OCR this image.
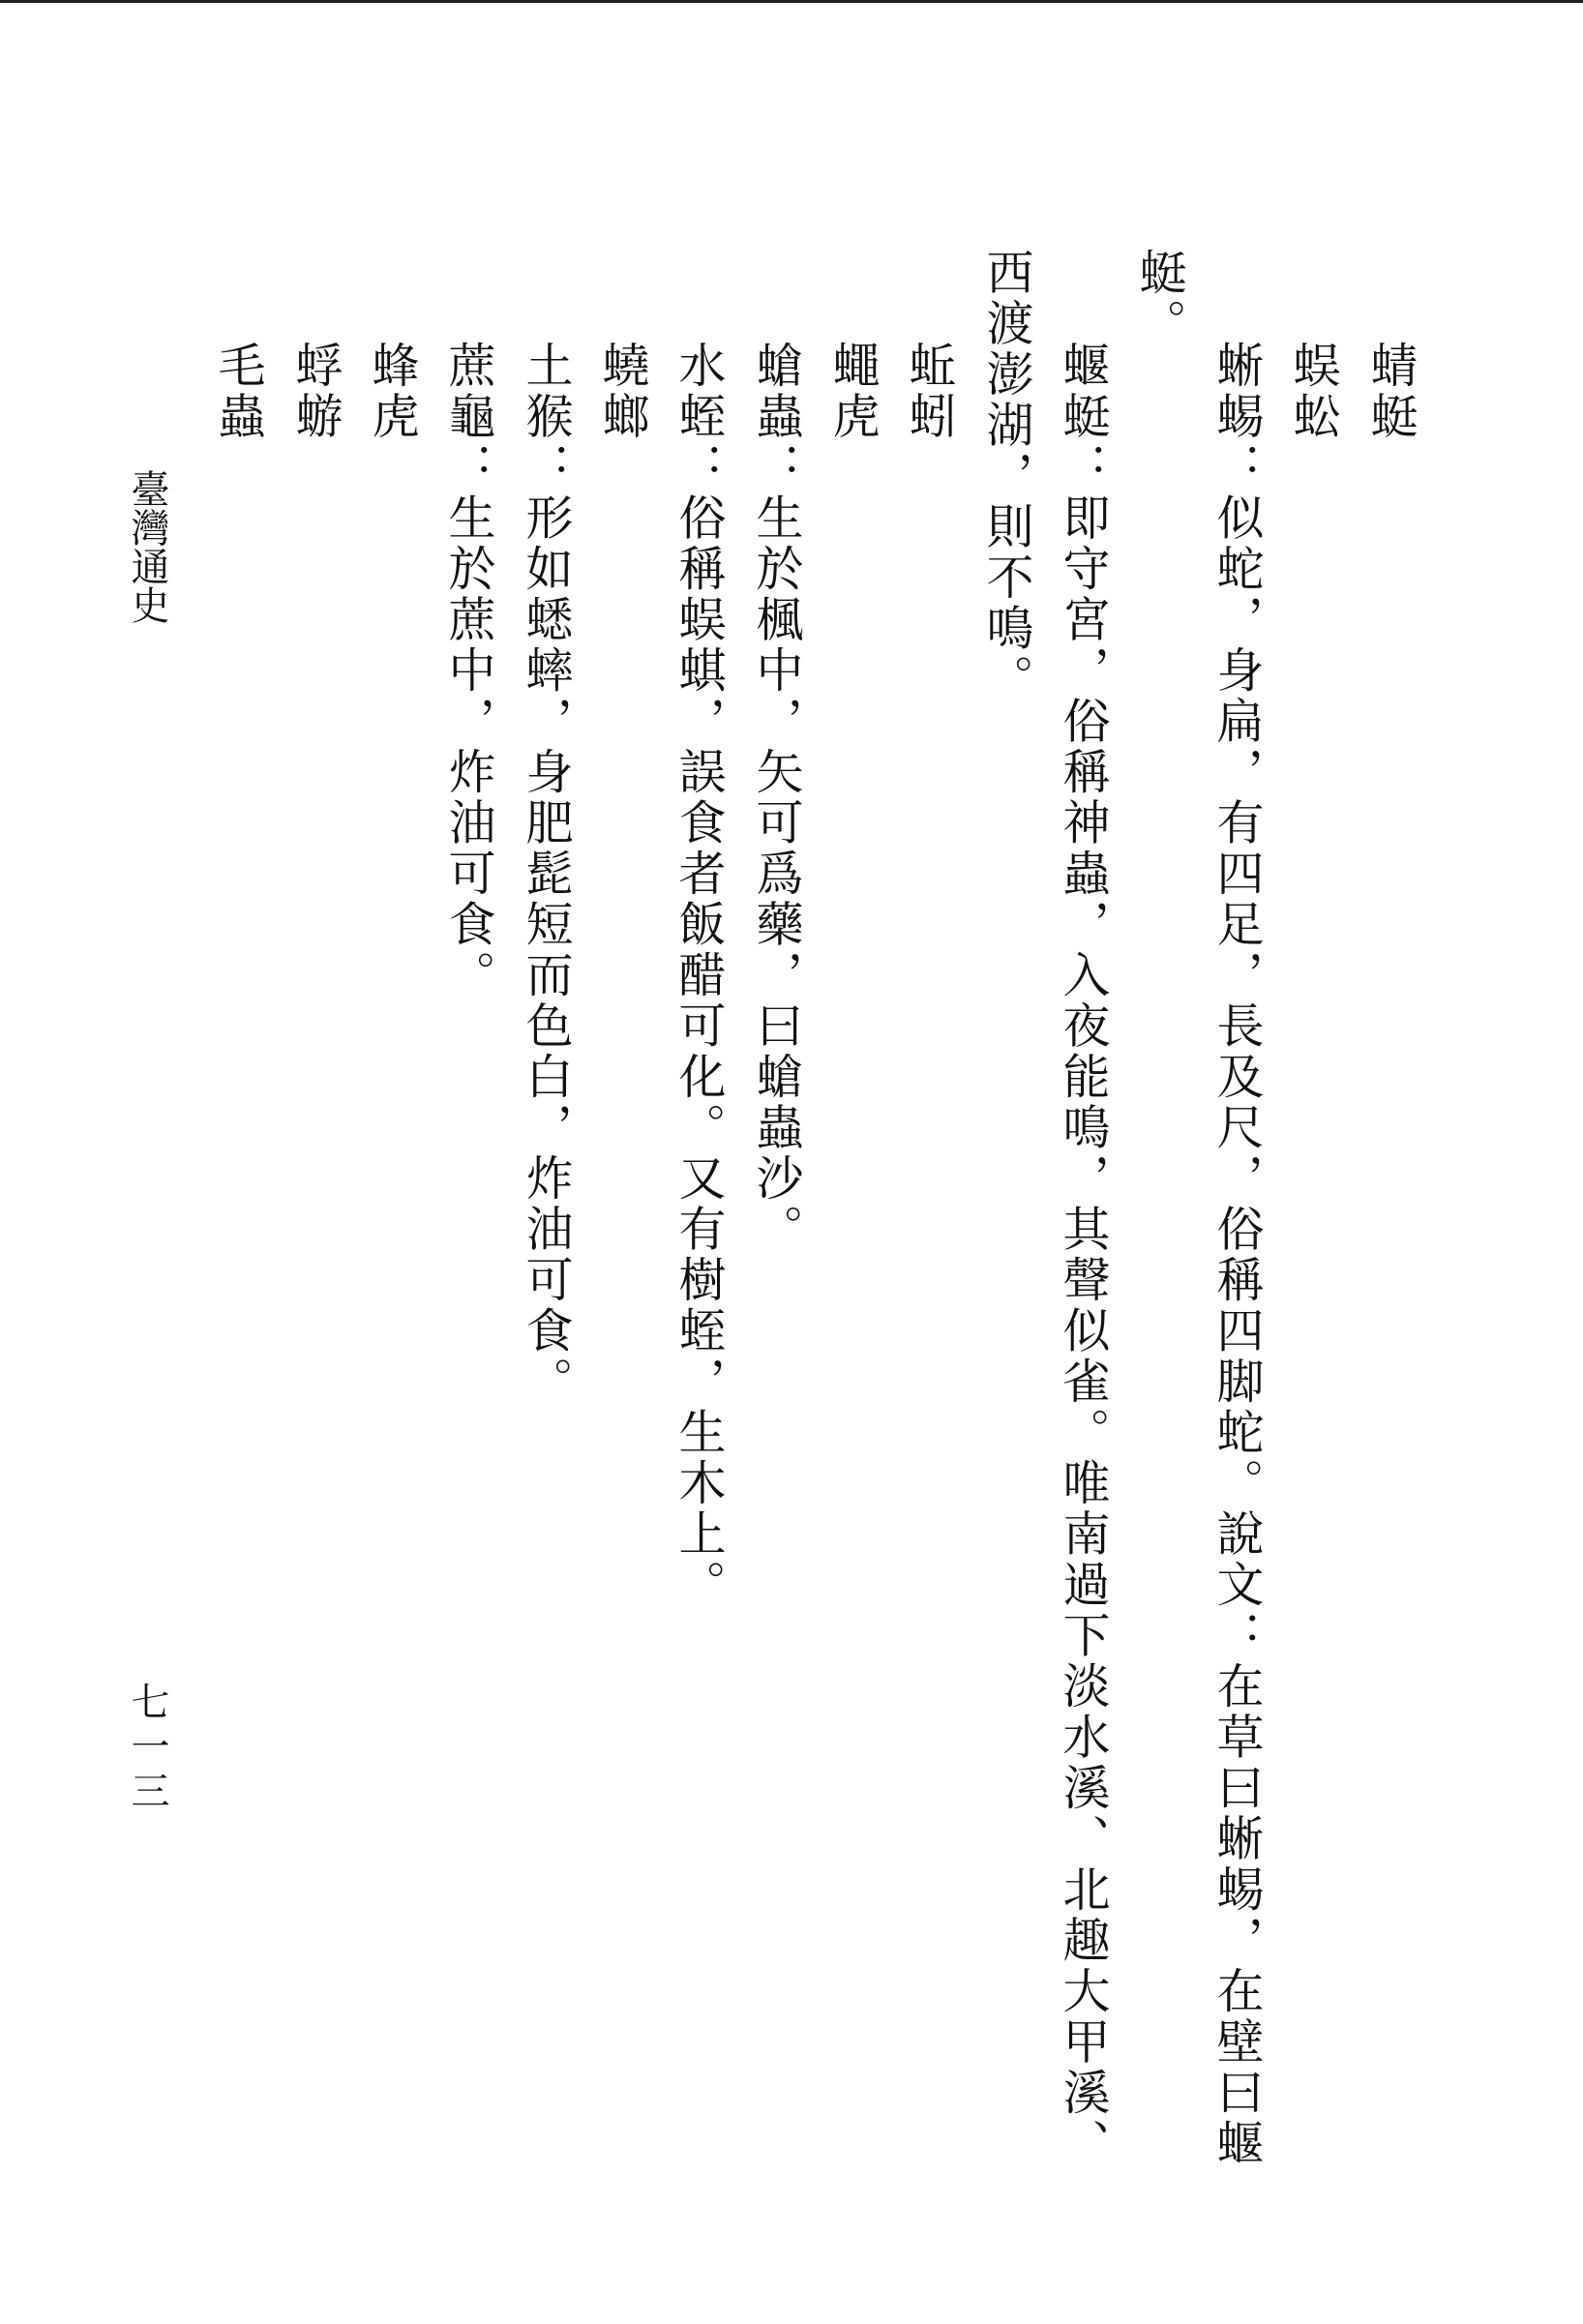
蜻蜓
蜈蚣
蜥蜴：似蛇，身扁，有四足，長及尺，俗稱四脚蛇。說文：在草曰蜥蜴，在壁曰蝘
蜓。
蝘蜓：即守宮，俗稱神蟲，入夜能鳴，其聲似雀。唯南過下淡水溪、北趣大甲溪、
西渡澎湖，則不鳴。
蚯蚓
蠅虎
螥蟲：生於楓中，矢可爲藥，曰螥蟲沙。
水蛭：俗稱蜈蜞，誤食者飯醋可化。又有樹蛭，生木上。
蟯螂
土猴：形如蟋蟀，身肥髭短而色白，炸油可食。
蔗龜：生於蔗中，炸油可食。
蜂虎
蜉蝣
毛蟲
臺灣通史
七一三
